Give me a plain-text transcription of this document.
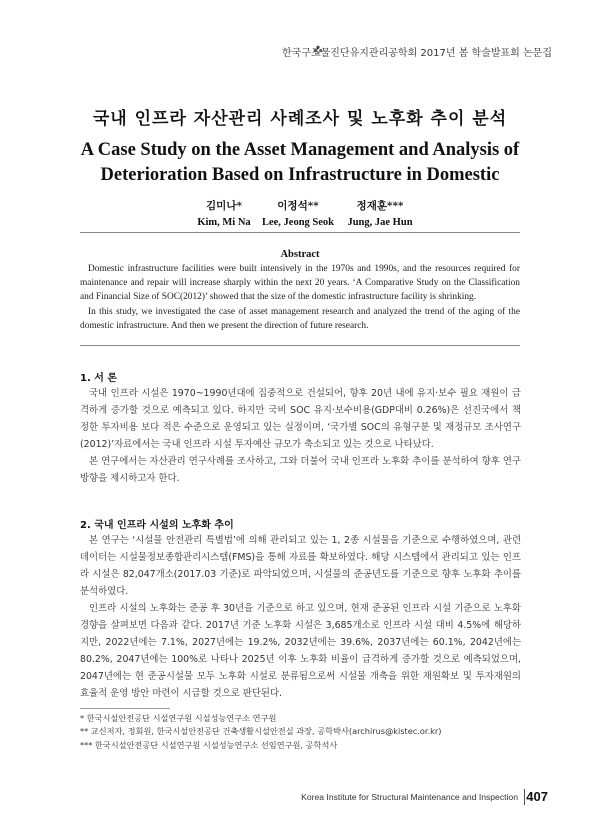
한국구조물진단유지관리공학회 2017년 봄 학술발표회 논문집
국내 인프라 자산관리 사례조사 및 노후화 추이 분석
A Case Study on the Asset Management and Analysis of
Deterioration Based on Infrastructure in Domestic
김미나*
Kim, Mi Na
이정석**
Lee, Jeong Seok
정재훈***
Jung, Jae Hun
Abstract

Domestic infrastructure facilities were built intensively in the 1970s and 1990s, and the resources required for maintenance and repair will increase sharply within the next 20 years. ‘A Comparative Study on the Classification and Financial Size of SOC(2012)’ showed that the size of the domestic infrastructure facility is shrinking.

In this study, we investigated the case of asset management research and analyzed the trend of the aging of the domestic infrastructure. And then we present the direction of future research.

1. 서 론

국내 인프라 시설은 1970~1990년대에 집중적으로 건설되어, 향후 20년 내에 유지·보수 필요 재원이 급격하게 증가할 것으로 예측되고 있다. 하지만 국비 SOC 유지·보수비용(GDP대비 0.26%)은 선진국에서 책정한 투자비용 보다 적은 수준으로 운영되고 있는 실정이며, ‘국가별 SOC의 유형구분 및 재정규모 조사연구(2012)’자료에서는 국내 인프라 시설 투자예산 규모가 축소되고 있는 것으로 나타났다.

본 연구에서는 자산관리 연구사례를 조사하고, 그와 더불어 국내 인프라 노후화 추이를 분석하여 향후 연구방향을 제시하고자 한다.

2. 국내 인프라 시설의 노후화 추이

본 연구는 ‘시설물 안전관리 특별법’에 의해 관리되고 있는 1, 2종 시설물을 기준으로 수행하였으며, 관련 데이터는 시설물정보종합관리시스템(FMS)을 통해 자료를 확보하였다. 해당 시스템에서 관리되고 있는 인프라 시설은 82,047개소(2017.03 기준)로 파악되었으며, 시설물의 준공년도를 기준으로 향후 노후화 추이를 분석하였다.

인프라 시설의 노후화는 준공 후 30년을 기준으로 하고 있으며, 현재 준공된 인프라 시설 기준으로 노후화 경향을 살펴보면 다음과 같다. 2017년 기준 노후화 시설은 3,685개소로 인프라 시설 대비 4.5%에 해당하지만, 2022년에는 7.1%, 2027년에는 19.2%, 2032년에는 39.6%, 2037년에는 60.1%, 2042년에는 80.2%, 2047년에는 100%로 나타나 2025년 이후 노후화 비율이 급격하게 증가할 것으로 예측되었으며, 2047년에는 현 준공시설물 모두 노후화 시설로 분류됨으로써 시설물 개축을 위한 재원확보 및 투자재원의 효율적 운영 방안 마련이 시급할 것으로 판단된다.

* 한국시설안전공단 시설연구원 시설성능연구소 연구원
** 교신저자, 정회원, 한국시설안전공단 건축생활시설안전실 과장, 공학박사(archirus@kistec.or.kr)
*** 한국시설안전공단 시설연구원 시설성능연구소 선임연구원, 공학석사
Korea Institute for Structural Maintenance and Inspection 407
